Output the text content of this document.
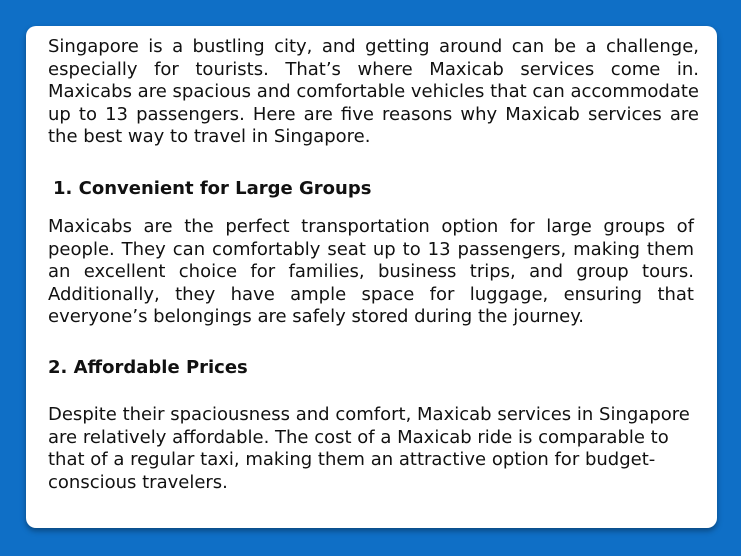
Singapore is a bustling city, and getting around can be a challenge, especially for tourists. That’s where Maxicab services come in. Maxicabs are spacious and comfortable vehicles that can accommodate up to 13 passengers. Here are five reasons why Maxicab services are the best way to travel in Singapore.

1. Convenient for Large Groups

Maxicabs are the perfect transportation option for large groups of people. They can comfortably seat up to 13 passengers, making them an excellent choice for families, business trips, and group tours. Additionally, they have ample space for luggage, ensuring that everyone’s belongings are safely stored during the journey.

2. Affordable Prices

Despite their spaciousness and comfort, Maxicab services in Singapore are relatively affordable. The cost of a Maxicab ride is comparable to that of a regular taxi, making them an attractive option for budget-conscious travelers.
